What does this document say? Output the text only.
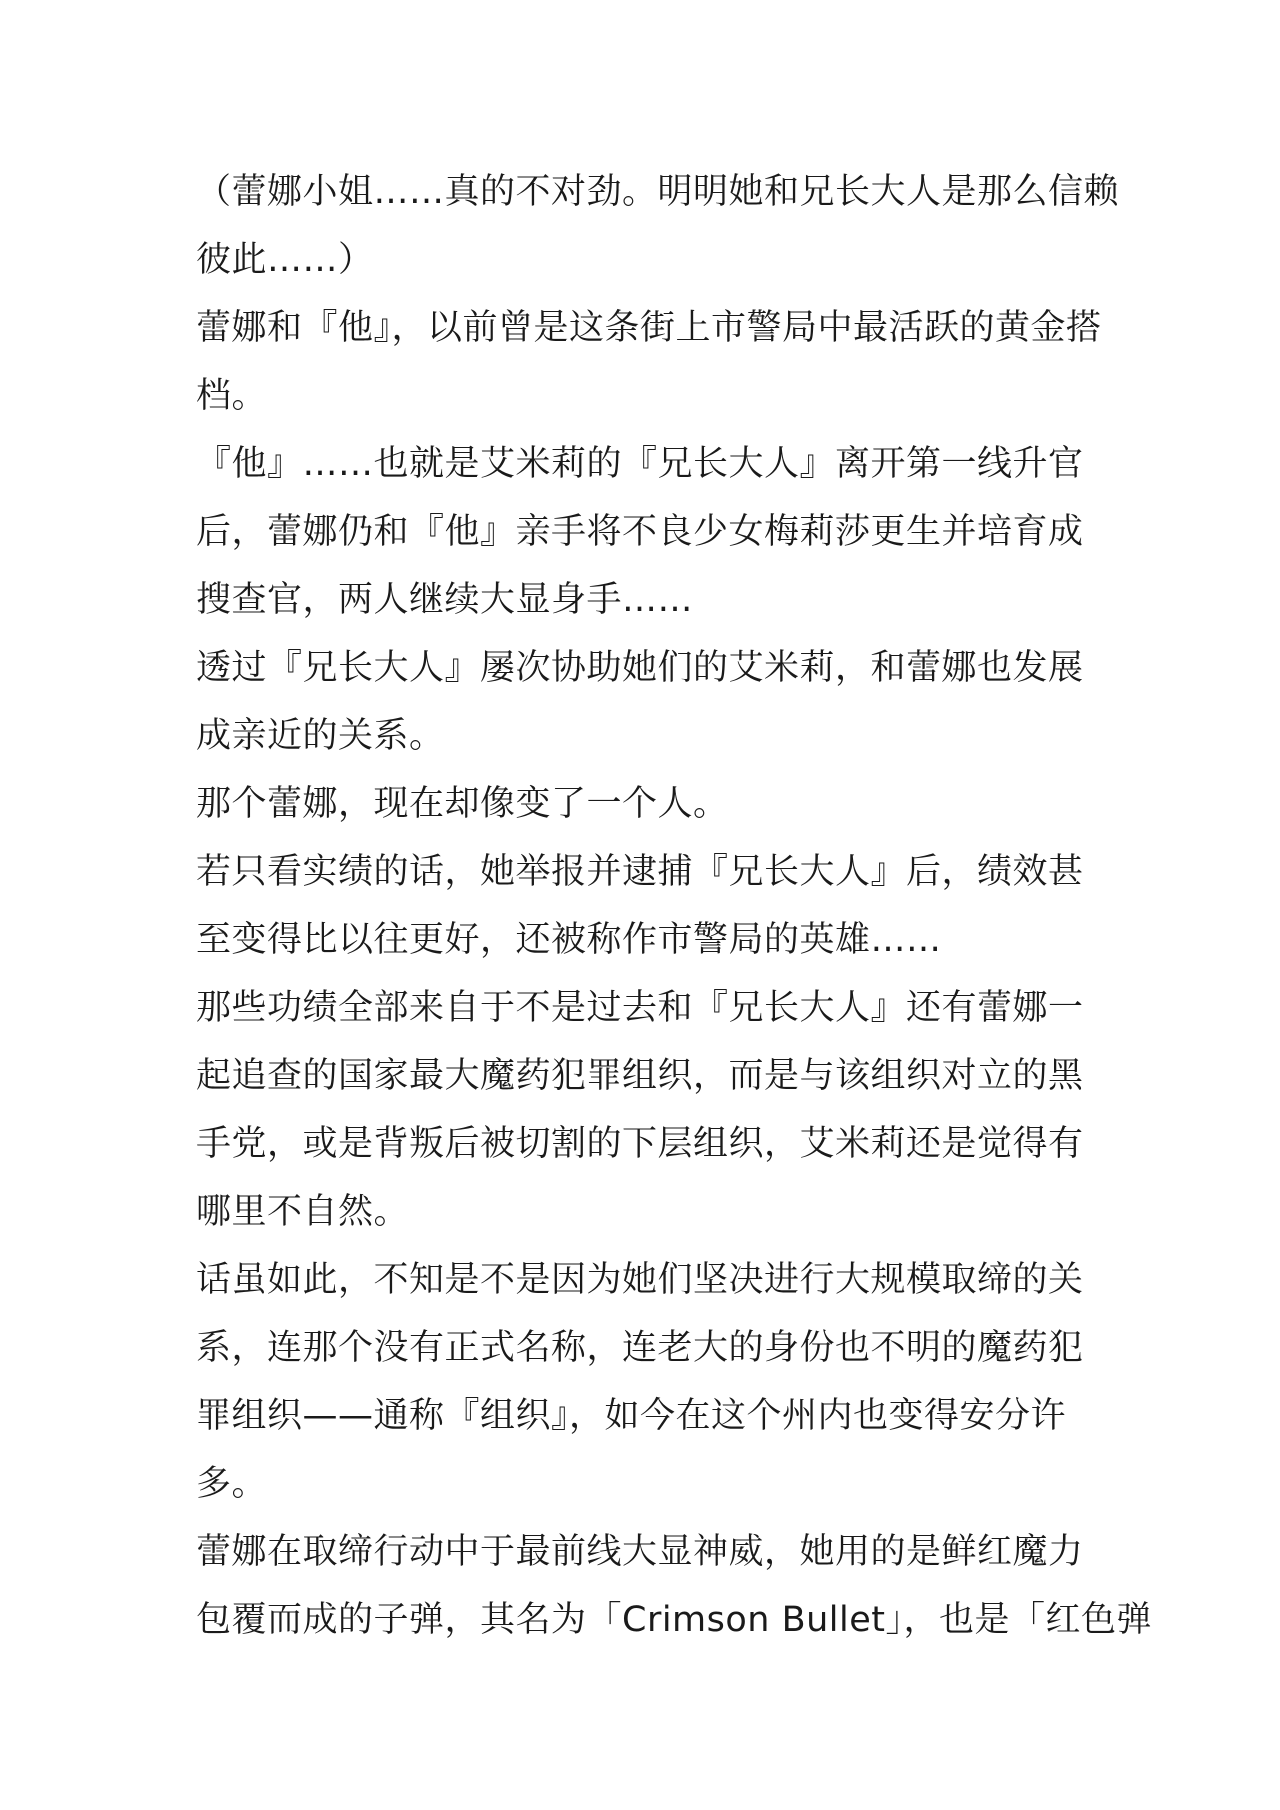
（蕾娜小姐……真的不对劲。明明她和兄长大人是那么信赖
彼此……）
蕾娜和『他』，以前曾是这条街上市警局中最活跃的黄金搭
档。
『他』……也就是艾米莉的『兄长大人』离开第一线升官
后，蕾娜仍和『他』亲手将不良少女梅莉莎更生并培育成
搜查官，两人继续大显身手……
透过『兄长大人』屡次协助她们的艾米莉，和蕾娜也发展
成亲近的关系。
那个蕾娜，现在却像变了一个人。
若只看实绩的话，她举报并逮捕『兄长大人』后，绩效甚
至变得比以往更好，还被称作市警局的英雄……
那些功绩全部来自于不是过去和『兄长大人』还有蕾娜一
起追查的国家最大魔药犯罪组织，而是与该组织对立的黑
手党，或是背叛后被切割的下层组织，艾米莉还是觉得有
哪里不自然。
话虽如此，不知是不是因为她们坚决进行大规模取缔的关
系，连那个没有正式名称，连老大的身份也不明的魔药犯
罪组织——通称『组织』，如今在这个州内也变得安分许
多。
蕾娜在取缔行动中于最前线大显神威，她用的是鲜红魔力
包覆而成的子弹，其名为「Crimson Bullet」，也是「红色弹
